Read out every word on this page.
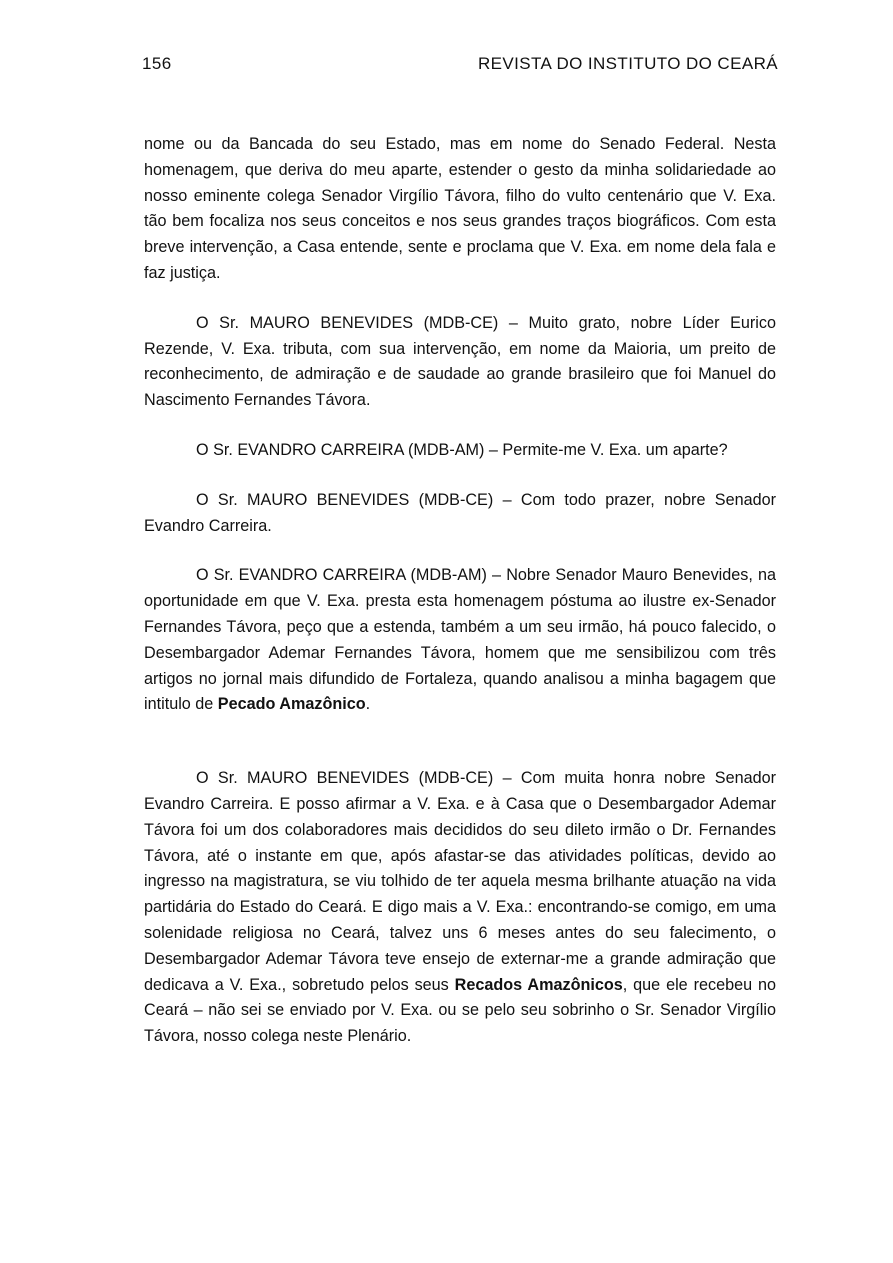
156	REVISTA DO INSTITUTO DO CEARÁ

nome ou da Bancada do seu Estado, mas em nome do Senado Federal. Nesta homenagem, que deriva do meu aparte, estender o gesto da minha solidariedade ao nosso eminente colega Senador Virgílio Távora, filho do vulto centenário que V. Exa. tão bem focaliza nos seus conceitos e nos seus grandes traços biográficos. Com esta breve intervenção, a Casa entende, sente e proclama que V. Exa. em nome dela fala e faz justiça.

O Sr. MAURO BENEVIDES (MDB-CE) – Muito grato, nobre Líder Eurico Rezende, V. Exa. tributa, com sua intervenção, em nome da Maioria, um preito de reconhecimento, de admiração e de saudade ao grande brasileiro que foi Manuel do Nascimento Fernandes Távora.

O Sr. EVANDRO CARREIRA (MDB-AM) – Permite-me V. Exa. um aparte?

O Sr. MAURO BENEVIDES (MDB-CE) – Com todo prazer, nobre Senador Evandro Carreira.

O Sr. EVANDRO CARREIRA (MDB-AM) – Nobre Senador Mauro Benevides, na oportunidade em que V. Exa. presta esta homenagem póstuma ao ilustre ex-Senador Fernandes Távora, peço que a estenda, também a um seu irmão, há pouco falecido, o Desembargador Ademar Fernandes Távora, homem que me sensibilizou com três artigos no jornal mais difundido de Fortaleza, quando analisou a minha bagagem que intitulo de Pecado Amazônico.

O Sr. MAURO BENEVIDES (MDB-CE) – Com muita honra nobre Senador Evandro Carreira. E posso afirmar a V. Exa. e à Casa que o Desembargador Ademar Távora foi um dos colaboradores mais decididos do seu dileto irmão o Dr. Fernandes Távora, até o instante em que, após afastar-se das atividades políticas, devido ao ingresso na magistratura, se viu tolhido de ter aquela mesma brilhante atuação na vida partidária do Estado do Ceará. E digo mais a V. Exa.: encontrando-se comigo, em uma solenidade religiosa no Ceará, talvez uns 6 meses antes do seu falecimento, o Desembargador Ademar Távora teve ensejo de externar-me a grande admiração que dedicava a V. Exa., sobretudo pelos seus Recados Amazônicos, que ele recebeu no Ceará – não sei se enviado por V. Exa. ou se pelo seu sobrinho o Sr. Senador Virgílio Távora, nosso colega neste Plenário.
